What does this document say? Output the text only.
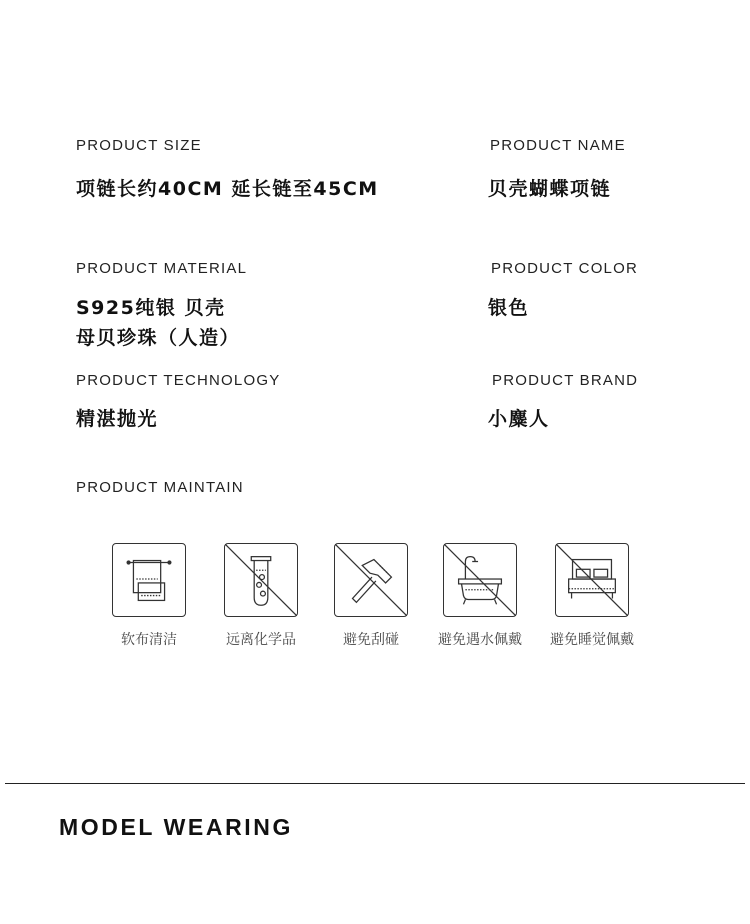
PRODUCT SIZE
项链长约40CM 延长链至45CM
PRODUCT NAME
贝壳蝴蝶项链
PRODUCT MATERIAL
S925纯银 贝壳
母贝珍珠（人造）
PRODUCT COLOR
银色
PRODUCT TECHNOLOGY
精湛抛光
PRODUCT BRAND
小麋人
PRODUCT MAINTAIN
软布清洁	远离化学品	避免刮碰	避免遇水佩戴	避免睡觉佩戴
MODEL WEARING
